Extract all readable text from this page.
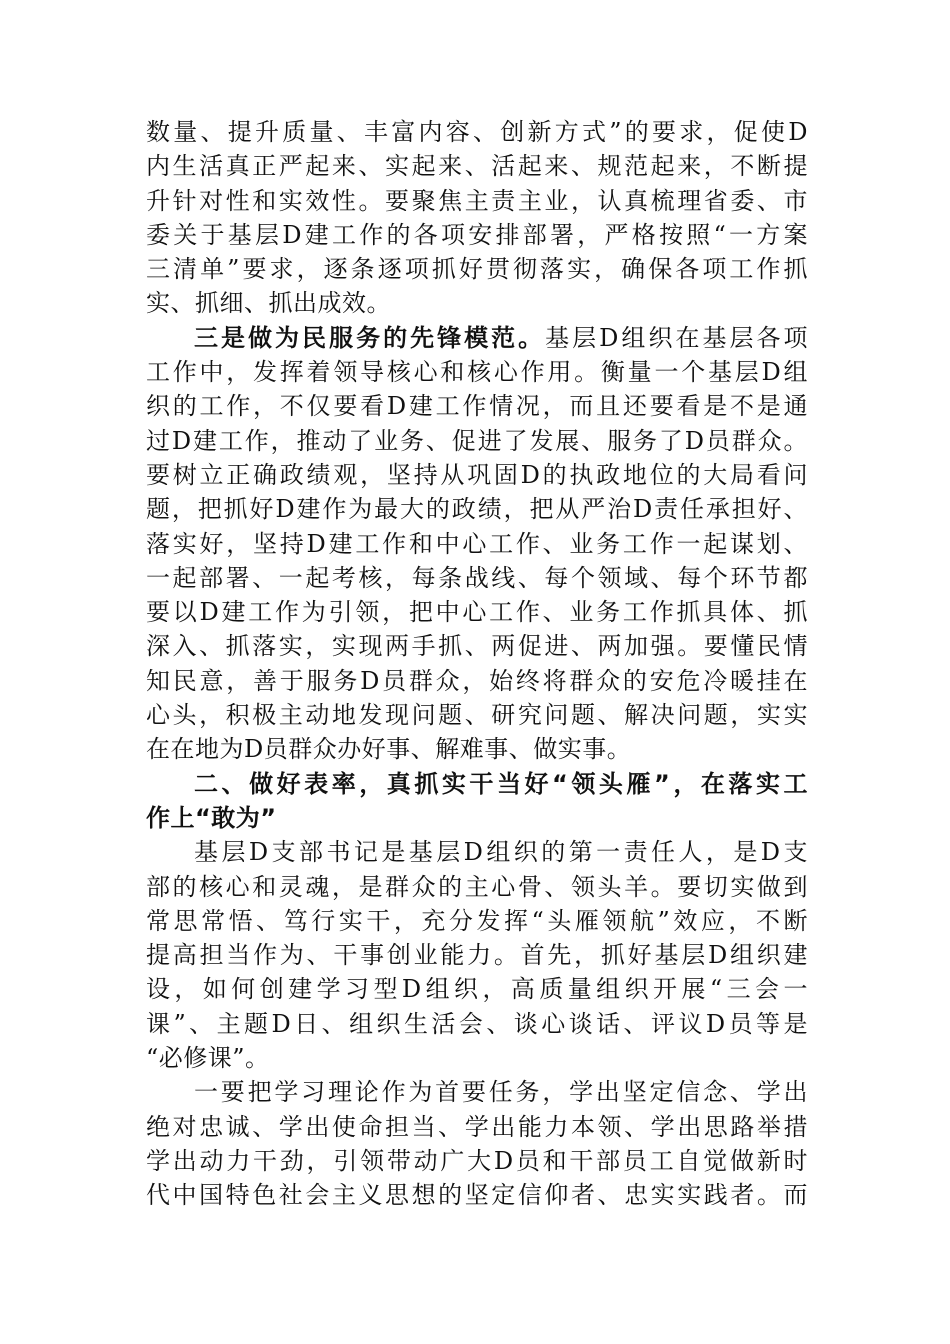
数量、提升质量、丰富内容、创新方式”的要求，促使D
内生活真正严起来、实起来、活起来、规范起来，不断提
升针对性和实效性。要聚焦主责主业，认真梳理省委、市
委关于基层D建工作的各项安排部署，严格按照“一方案
三清单”要求，逐条逐项抓好贯彻落实，确保各项工作抓
实、抓细、抓出成效。
三是做为民服务的先锋模范。基层D组织在基层各项
工作中，发挥着领导核心和核心作用。衡量一个基层D组
织的工作，不仅要看D建工作情况，而且还要看是不是通
过D建工作，推动了业务、促进了发展、服务了D员群众。
要树立正确政绩观，坚持从巩固D的执政地位的大局看问
题，把抓好D建作为最大的政绩，把从严治D责任承担好、
落实好，坚持D建工作和中心工作、业务工作一起谋划、
一起部署、一起考核，每条战线、每个领域、每个环节都
要以D建工作为引领，把中心工作、业务工作抓具体、抓
深入、抓落实，实现两手抓、两促进、两加强。要懂民情
知民意，善于服务D员群众，始终将群众的安危冷暖挂在
心头，积极主动地发现问题、研究问题、解决问题，实实
在在地为D员群众办好事、解难事、做实事。
二、做好表率，真抓实干当好“领头雁”，在落实工
作上“敢为”
基层D支部书记是基层D组织的第一责任人，是D支
部的核心和灵魂，是群众的主心骨、领头羊。要切实做到
常思常悟、笃行实干，充分发挥“头雁领航”效应，不断
提高担当作为、干事创业能力。首先，抓好基层D组织建
设，如何创建学习型D组织，高质量组织开展“三会一
课”、主题D日、组织生活会、谈心谈话、评议D员等是
“必修课”。
一要把学习理论作为首要任务，学出坚定信念、学出
绝对忠诚、学出使命担当、学出能力本领、学出思路举措
学出动力干劲，引领带动广大D员和干部员工自觉做新时
代中国特色社会主义思想的坚定信仰者、忠实实践者。而
